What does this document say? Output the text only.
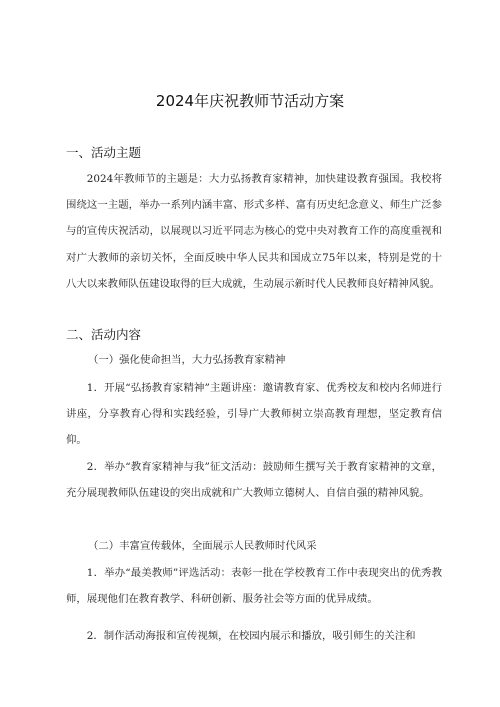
2024年庆祝教师节活动方案
一、活动主题

2024年教师节的主题是：大力弘扬教育家精神，加快建设教育强国。我校将围绕这一主题，举办一系列内涵丰富、形式多样、富有历史纪念意义、师生广泛参与的宣传庆祝活动，以展现以习近平同志为核心的党中央对教育工作的高度重视和对广大教师的亲切关怀，全面反映中华人民共和国成立75年以来，特别是党的十八大以来教师队伍建设取得的巨大成就，生动展示新时代人民教师良好精神风貌。

二、活动内容
（一）强化使命担当，大力弘扬教育家精神

1．开展“弘扬教育家精神”主题讲座：邀请教育家、优秀校友和校内名师进行讲座，分享教育心得和实践经验，引导广大教师树立崇高教育理想，坚定教育信仰。

2．举办“教育家精神与我”征文活动：鼓励师生撰写关于教育家精神的文章，充分展现教师队伍建设的突出成就和广大教师立德树人、自信自强的精神风貌。

（二）丰富宣传载体，全面展示人民教师时代风采

1．举办“最美教师”评选活动：表彰一批在学校教育工作中表现突出的优秀教师，展现他们在教育教学、科研创新、服务社会等方面的优异成绩。

2．制作活动海报和宣传视频，在校园内展示和播放，吸引师生的关注和
